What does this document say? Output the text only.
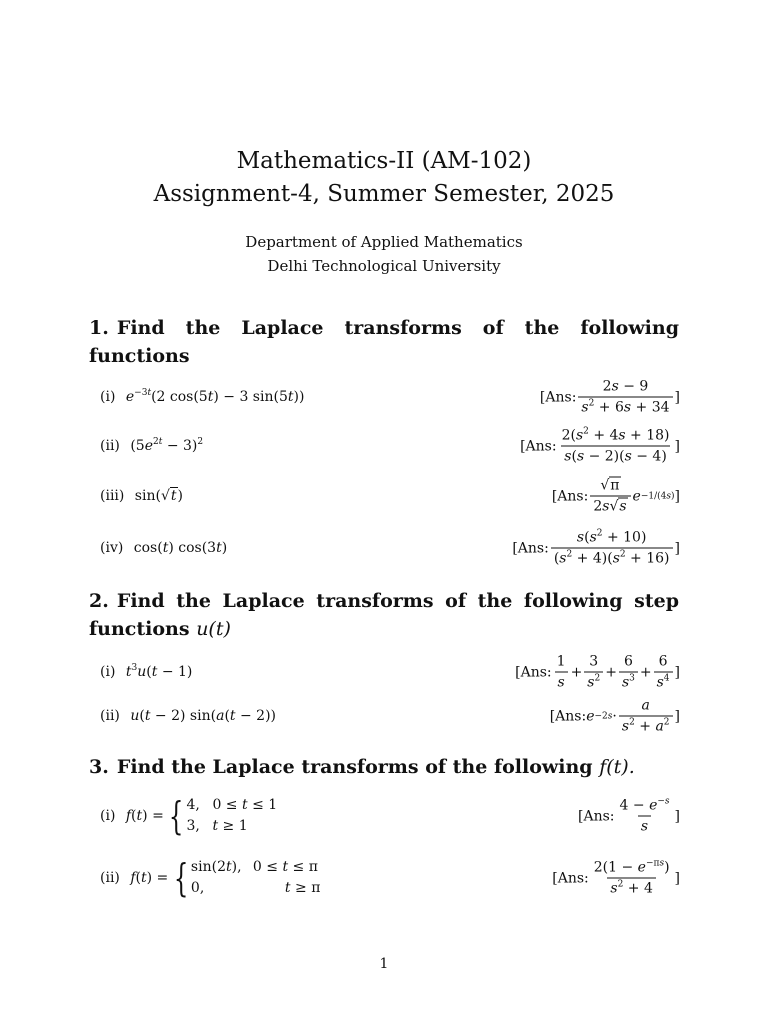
Mathematics-II (AM-102)
Assignment-4, Summer Semester, 2025
Department of Applied Mathematics
Delhi Technological University
1. Find the Laplace transforms of the following functions
(i) $e^{-3t}(2$ cos(5t) − 3 sin(5t))	[Ans: $\frac{2s - 9}{s^2 + 6s + 34}$ ]
(ii) $(5e^{2t} - 3)^2$	[Ans: $\frac{2(s^2 + 4s + 18)}{s(s - 2)(s - 4)}$ ]
(iii) sin(√t)	[Ans: $\frac{√\pi}{2s√s}$ e −1/(4s) ]
(iv) cos(t) cos(3t)	[Ans: $\frac{s(s^2 + 10)}{(s^2 + 4)(s^2 + 16)}$ ]
2. Find the Laplace transforms of the following step functions u(t)
(i) $t^3u(t - 1)$	[Ans: $\frac{1}{s} + \frac{3}{s^2} + \frac{6}{s^3} + \frac{6}{s^4}$ ]
(ii) u(t − 2) sin(a(t − 2))	[Ans: $e -2s \cdot \frac{a}{s^2 + a^2}$ ]
3. Find the Laplace transforms of the following f(t).
(i) f(t) = { 4, 0 ≤ t ≤ 1
3, t ≥ 1
[Ans: $\frac{4 - e^{-s}}{s}$ ]
(ii) f(t) = { sin(2t), 0 ≤ t ≤ π
0,	t ≥ π
[Ans: $\frac{2(1 - e^{-\pi s})}{s^2 + 4}$ ]
1
